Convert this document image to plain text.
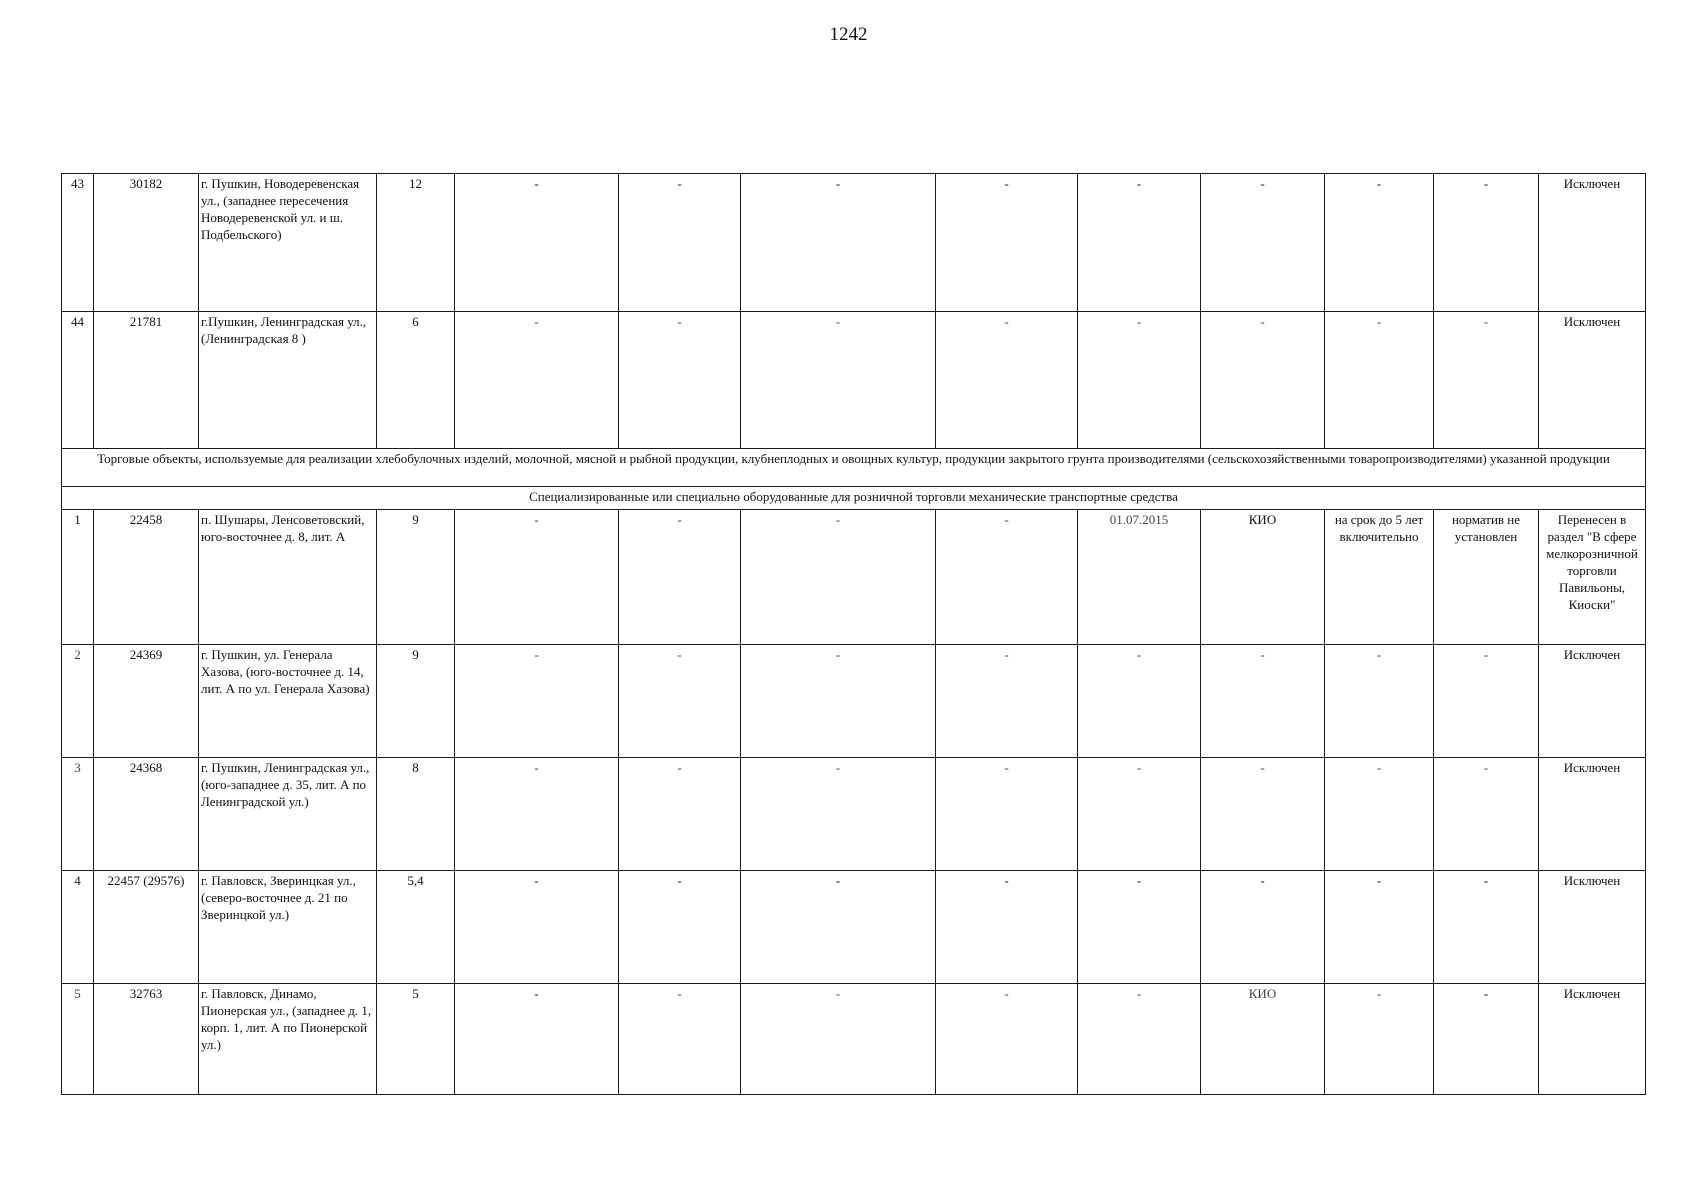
1242
43	30182	г. Пушкин, Новодеревенская ул., (западнее пересечения Новодеревенской ул. и ш. Подбельского)	12	-	-	-	-	-	-	-	-	Исключен
44	21781	г.Пушкин, Ленинградская ул., (Ленинградская 8 )	6	-	-	-	-	-	-	-	-	Исключен
Торговые объекты, используемые для реализации хлебобулочных изделий, молочной, мясной и рыбной продукции, клубнеплодных и овощных культур, продукции закрытого грунта производителями (сельскохозяйственными товаропроизводителями) указанной продукции												
Специализированные или специально оборудованные для розничной торговли механические транспортные средства												
1	22458	п. Шушары, Ленсоветовский, юго-восточнее д. 8, лит. А	9	-	-	-	-	01.07.2015	КИО	на срок до 5 лет включительно	норматив не установлен	Перенесен в раздел "В сфере мелкорозничной торговли Павильоны, Киоски"
2	24369	г. Пушкин, ул. Генерала Хазова, (юго-восточнее д. 14, лит. А по ул. Генерала Хазова)	9	-	-	-	-	-	-	-	-	Исключен
3	24368	г. Пушкин, Ленинградская ул., (юго-западнее д. 35, лит. А по Ленинградской ул.)	8	-	-	-	-	-	-	-	-	Исключен
4	22457 (29576)	г. Павловск, Зверинцкая ул., (северо-восточнее д. 21 по Зверинцкой ул.)	5,4	-	-	-	-	-	-	-	-	Исключен
5	32763	г. Павловск, Динамо, Пионерская ул., (западнее д. 1, корп. 1, лит. А по Пионерской ул.)	5	-	-	-	-	-	КИО	-	-	Исключен
